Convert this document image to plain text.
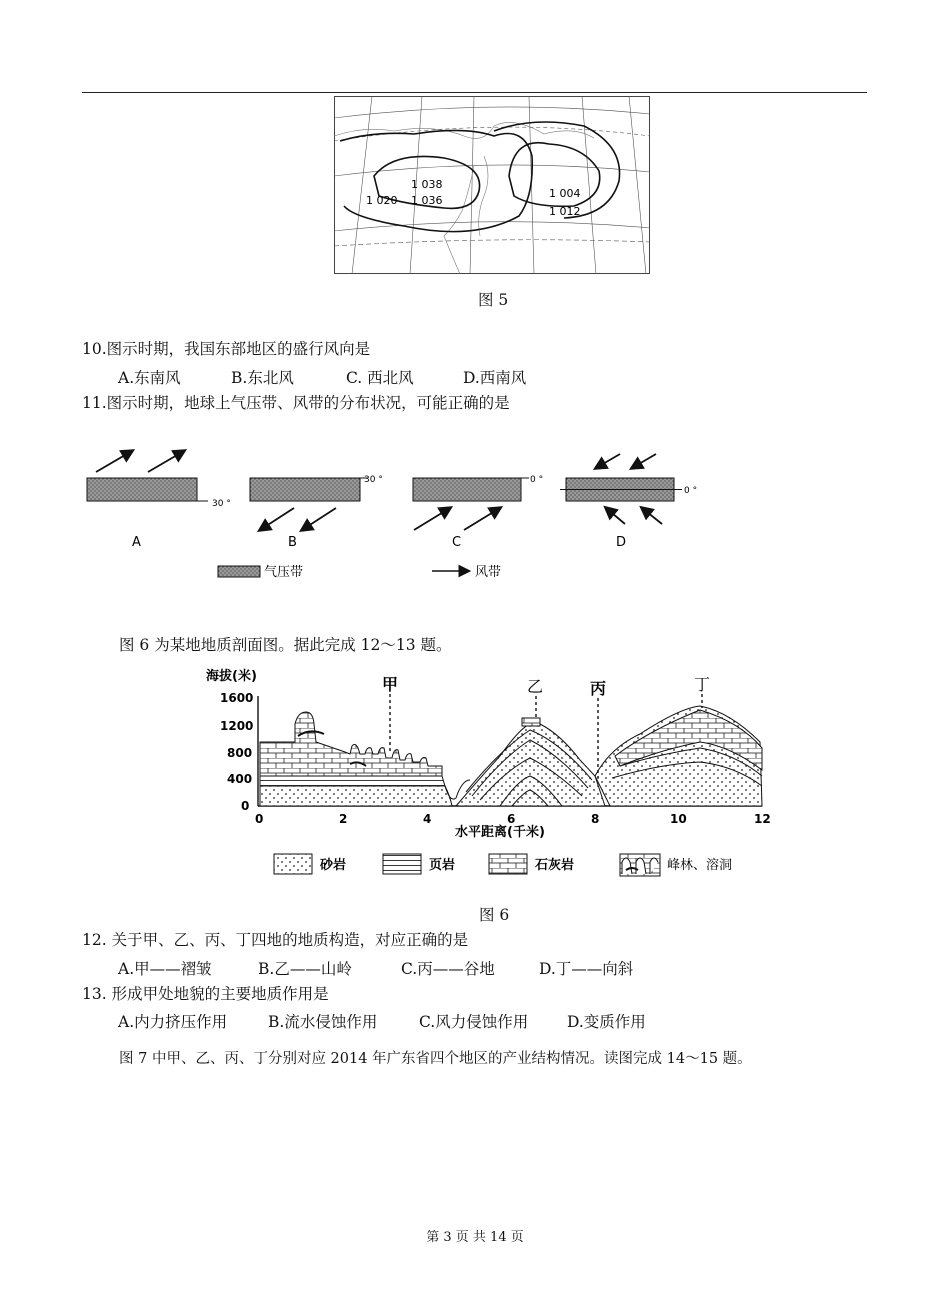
1 038
1 036
1 020
1 004
1 012
图 5
10.图示时期，我国东部地区的盛行风向是
A.东南风	B.东北风	C. 西北风	D.西南风
11.图示时期，地球上气压带、风带的分布状况，可能正确的是
30 °
A
30 °
B
0 °
C
0 °
D
气压带	风带
图 6 为某地地质剖面图。据此完成 12～13 题。
海拔(米)
水平距离(千米)
1600
1200
800
400
0
0	2	4	6	8	10	12
甲	乙	丙	丁
砂岩	页岩	石灰岩	峰林、溶洞
图 6
12. 关于甲、乙、丙、丁四地的地质构造，对应正确的是
A.甲——褶皱	B.乙——山岭	C.丙——谷地	D.丁——向斜
13. 形成甲处地貌的主要地质作用是
A.内力挤压作用	B.流水侵蚀作用	C.风力侵蚀作用	D.变质作用
图 7 中甲、乙、丙、丁分别对应 2014 年广东省四个地区的产业结构情况。读图完成 14～15 题。
第 3 页 共 14 页
